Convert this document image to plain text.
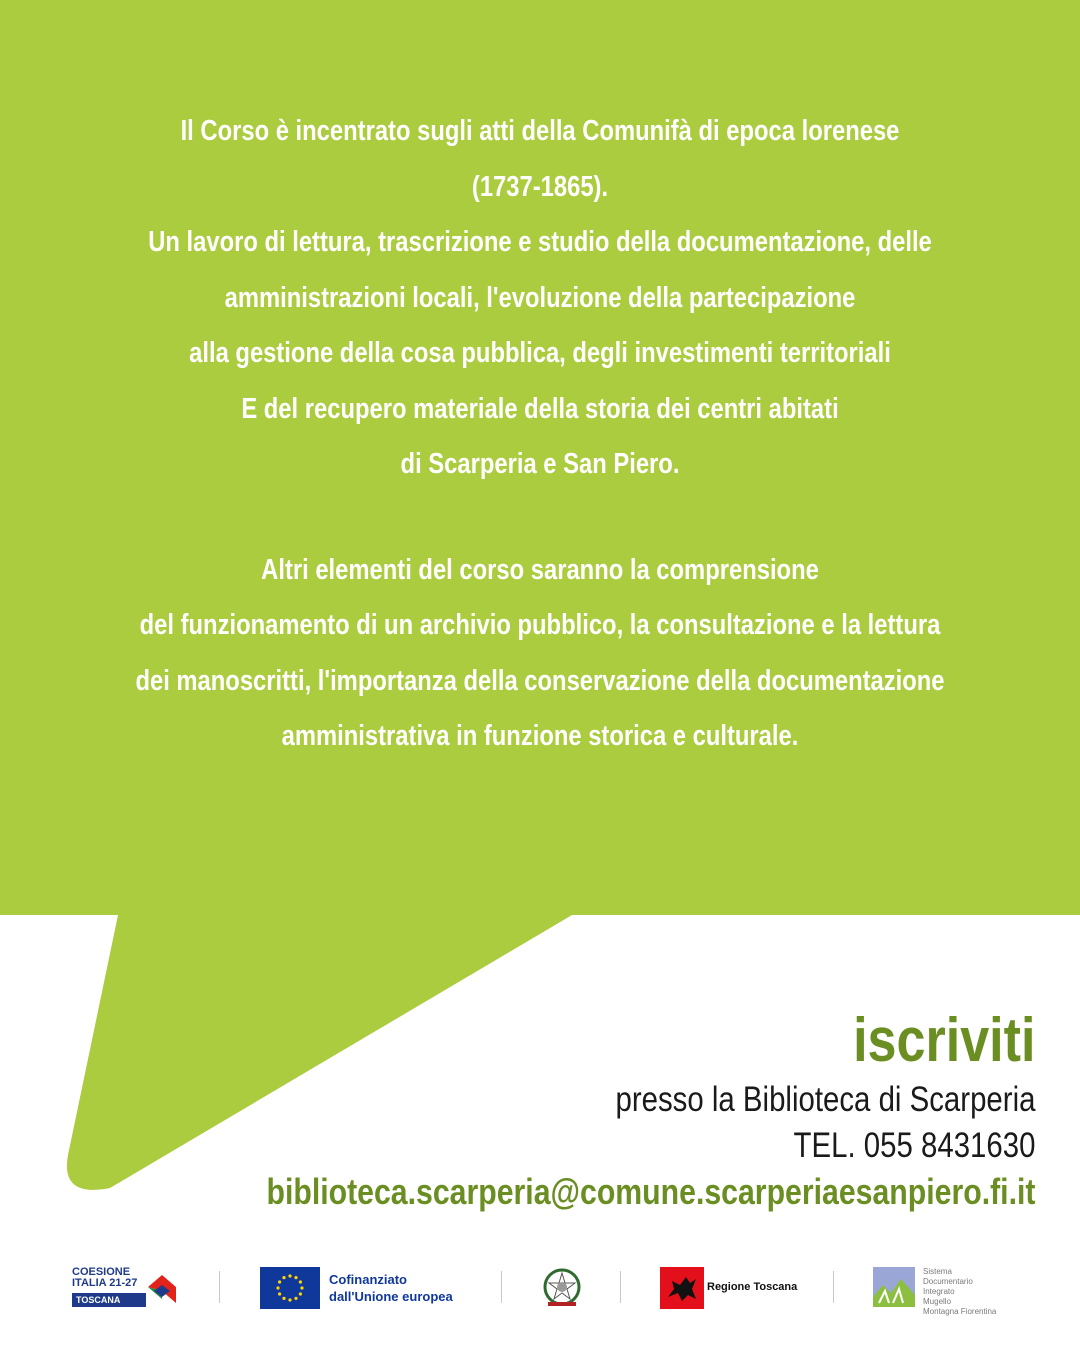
Il Corso è incentrato sugli atti della Comunifà di epoca lorenese
(1737-1865).
Un lavoro di lettura, trascrizione e studio della documentazione, delle
amministrazioni locali, l'evoluzione della partecipazione
alla gestione della cosa pubblica, degli investimenti territoriali
E del recupero materiale della storia dei centri abitati
di Scarperia e San Piero.
Altri elementi del corso saranno la comprensione
del funzionamento di un archivio pubblico, la consultazione e la lettura
dei manoscritti, l'importanza della conservazione della documentazione
amministrativa in funzione storica e culturale.
iscriviti
presso la Biblioteca di Scarperia
TEL. 055 8431630
biblioteca.scarperia@comune.scarperiaesanpiero.fi.it
COESIONE
ITALIA 21-27
TOSCANA
Cofinanziato
dall'Unione europea
Regione Toscana
Sistema
Documentario
Integrato
Mugello
Montagna Fiorentina
